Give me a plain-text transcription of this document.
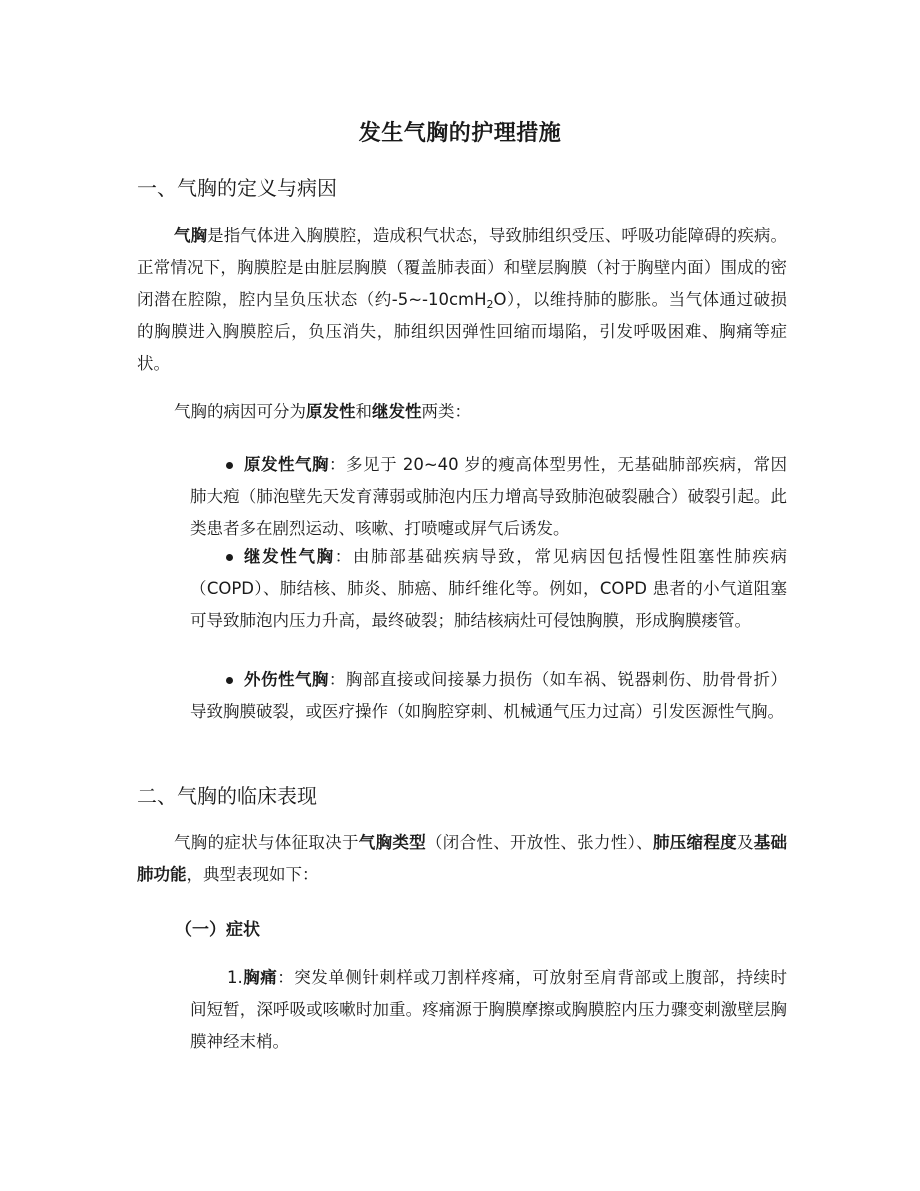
发生气胸的护理措施
一、气胸的定义与病因

气胸是指气体进入胸膜腔，造成积气状态，导致肺组织受压、呼吸功能障碍的疾病。正常情况下，胸膜腔是由脏层胸膜（覆盖肺表面）和壁层胸膜（衬于胸壁内面）围成的密闭潜在腔隙，腔内呈负压状态（约-5~-10cmH$_2$O），以维持肺的膨胀。当气体通过破损的胸膜进入胸膜腔后，负压消失，肺组织因弹性回缩而塌陷，引发呼吸困难、胸痛等症状。

气胸的病因可分为原发性和继发性两类：

原发性气胸：多见于 20~40 岁的瘦高体型男性，无基础肺部疾病，常因肺大疱（肺泡壁先天发育薄弱或肺泡内压力增高导致肺泡破裂融合）破裂引起。此类患者多在剧烈运动、咳嗽、打喷嚏或屏气后诱发。
继发性气胸：由肺部基础疾病导致，常见病因包括慢性阻塞性肺疾病（COPD）、肺结核、肺炎、肺癌、肺纤维化等。例如，COPD 患者的小气道阻塞可导致肺泡内压力升高，最终破裂；肺结核病灶可侵蚀胸膜，形成胸膜瘘管。
外伤性气胸：胸部直接或间接暴力损伤（如车祸、锐器刺伤、肋骨骨折）导致胸膜破裂，或医疗操作（如胸腔穿刺、机械通气压力过高）引发医源性气胸。
二、气胸的临床表现

气胸的症状与体征取决于气胸类型（闭合性、开放性、张力性）、肺压缩程度及基础肺功能，典型表现如下：

（一）症状

1.胸痛：突发单侧针刺样或刀割样疼痛，可放射至肩背部或上腹部，持续时间短暂，深呼吸或咳嗽时加重。疼痛源于胸膜摩擦或胸膜腔内压力骤变刺激壁层胸膜神经末梢。
